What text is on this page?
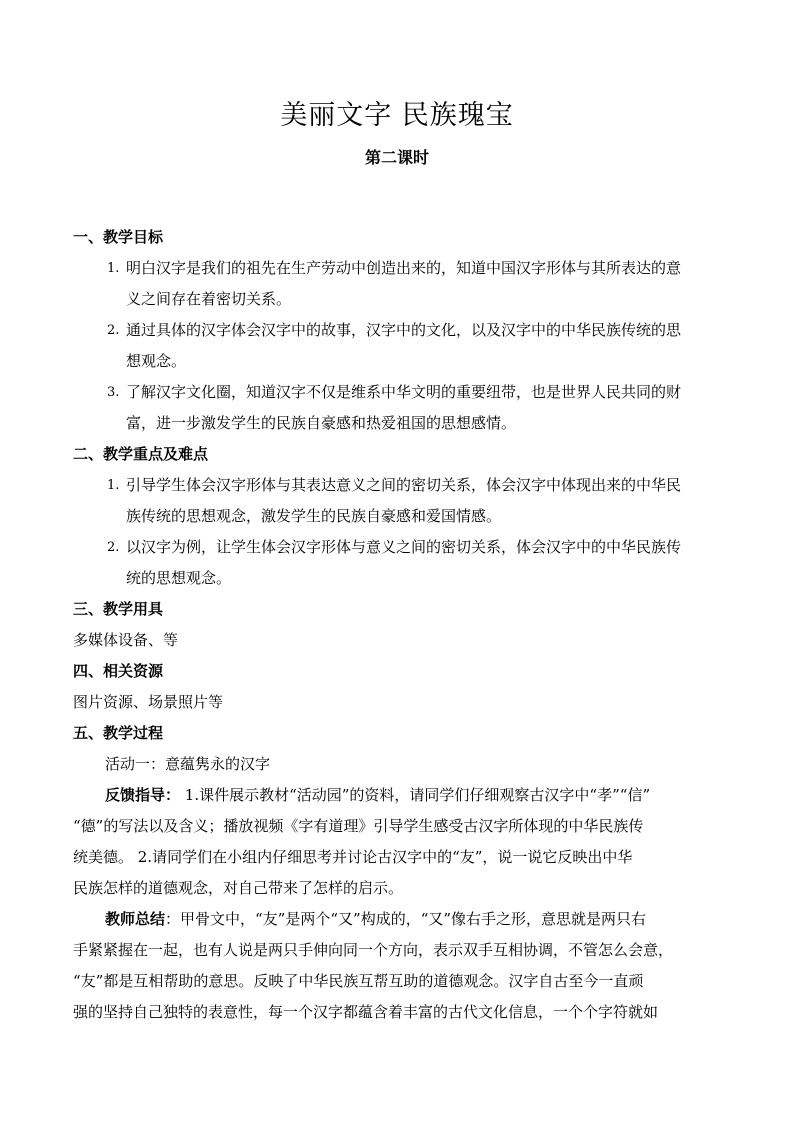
美丽文字 民族瑰宝
第二课时
一、教学目标
1. 明白汉字是我们的祖先在生产劳动中创造出来的，知道中国汉字形体与其所表达的意
义之间存在着密切关系。
2. 通过具体的汉字体会汉字中的故事，汉字中的文化，以及汉字中的中华民族传统的思
想观念。
3. 了解汉字文化圈，知道汉字不仅是维系中华文明的重要纽带，也是世界人民共同的财
富，进一步激发学生的民族自豪感和热爱祖国的思想感情。
二、教学重点及难点
1. 引导学生体会汉字形体与其表达意义之间的密切关系，体会汉字中体现出来的中华民
族传统的思想观念，激发学生的民族自豪感和爱国情感。
2. 以汉字为例，让学生体会汉字形体与意义之间的密切关系，体会汉字中的中华民族传
统的思想观念。
三、教学用具
多媒体设备、等
四、相关资源
图片资源、场景照片等
五、教学过程
活动一：意蕴隽永的汉字
反馈指导： 1.课件展示教材“活动园”的资料，请同学们仔细观察古汉字中“孝”“信”
“德”的写法以及含义；播放视频《字有道理》引导学生感受古汉字所体现的中华民族传
统美德。 2.请同学们在小组内仔细思考并讨论古汉字中的“友”，说一说它反映出中华
民族怎样的道德观念，对自己带来了怎样的启示。
教师总结：甲骨文中，“友”是两个“又”构成的，“又”像右手之形，意思就是两只右
手紧紧握在一起，也有人说是两只手伸向同一个方向，表示双手互相协调，不管怎么会意，
“友”都是互相帮助的意思。反映了中华民族互帮互助的道德观念。汉字自古至今一直顽
强的坚持自己独特的表意性，每一个汉字都蕴含着丰富的古代文化信息，一个个字符就如
